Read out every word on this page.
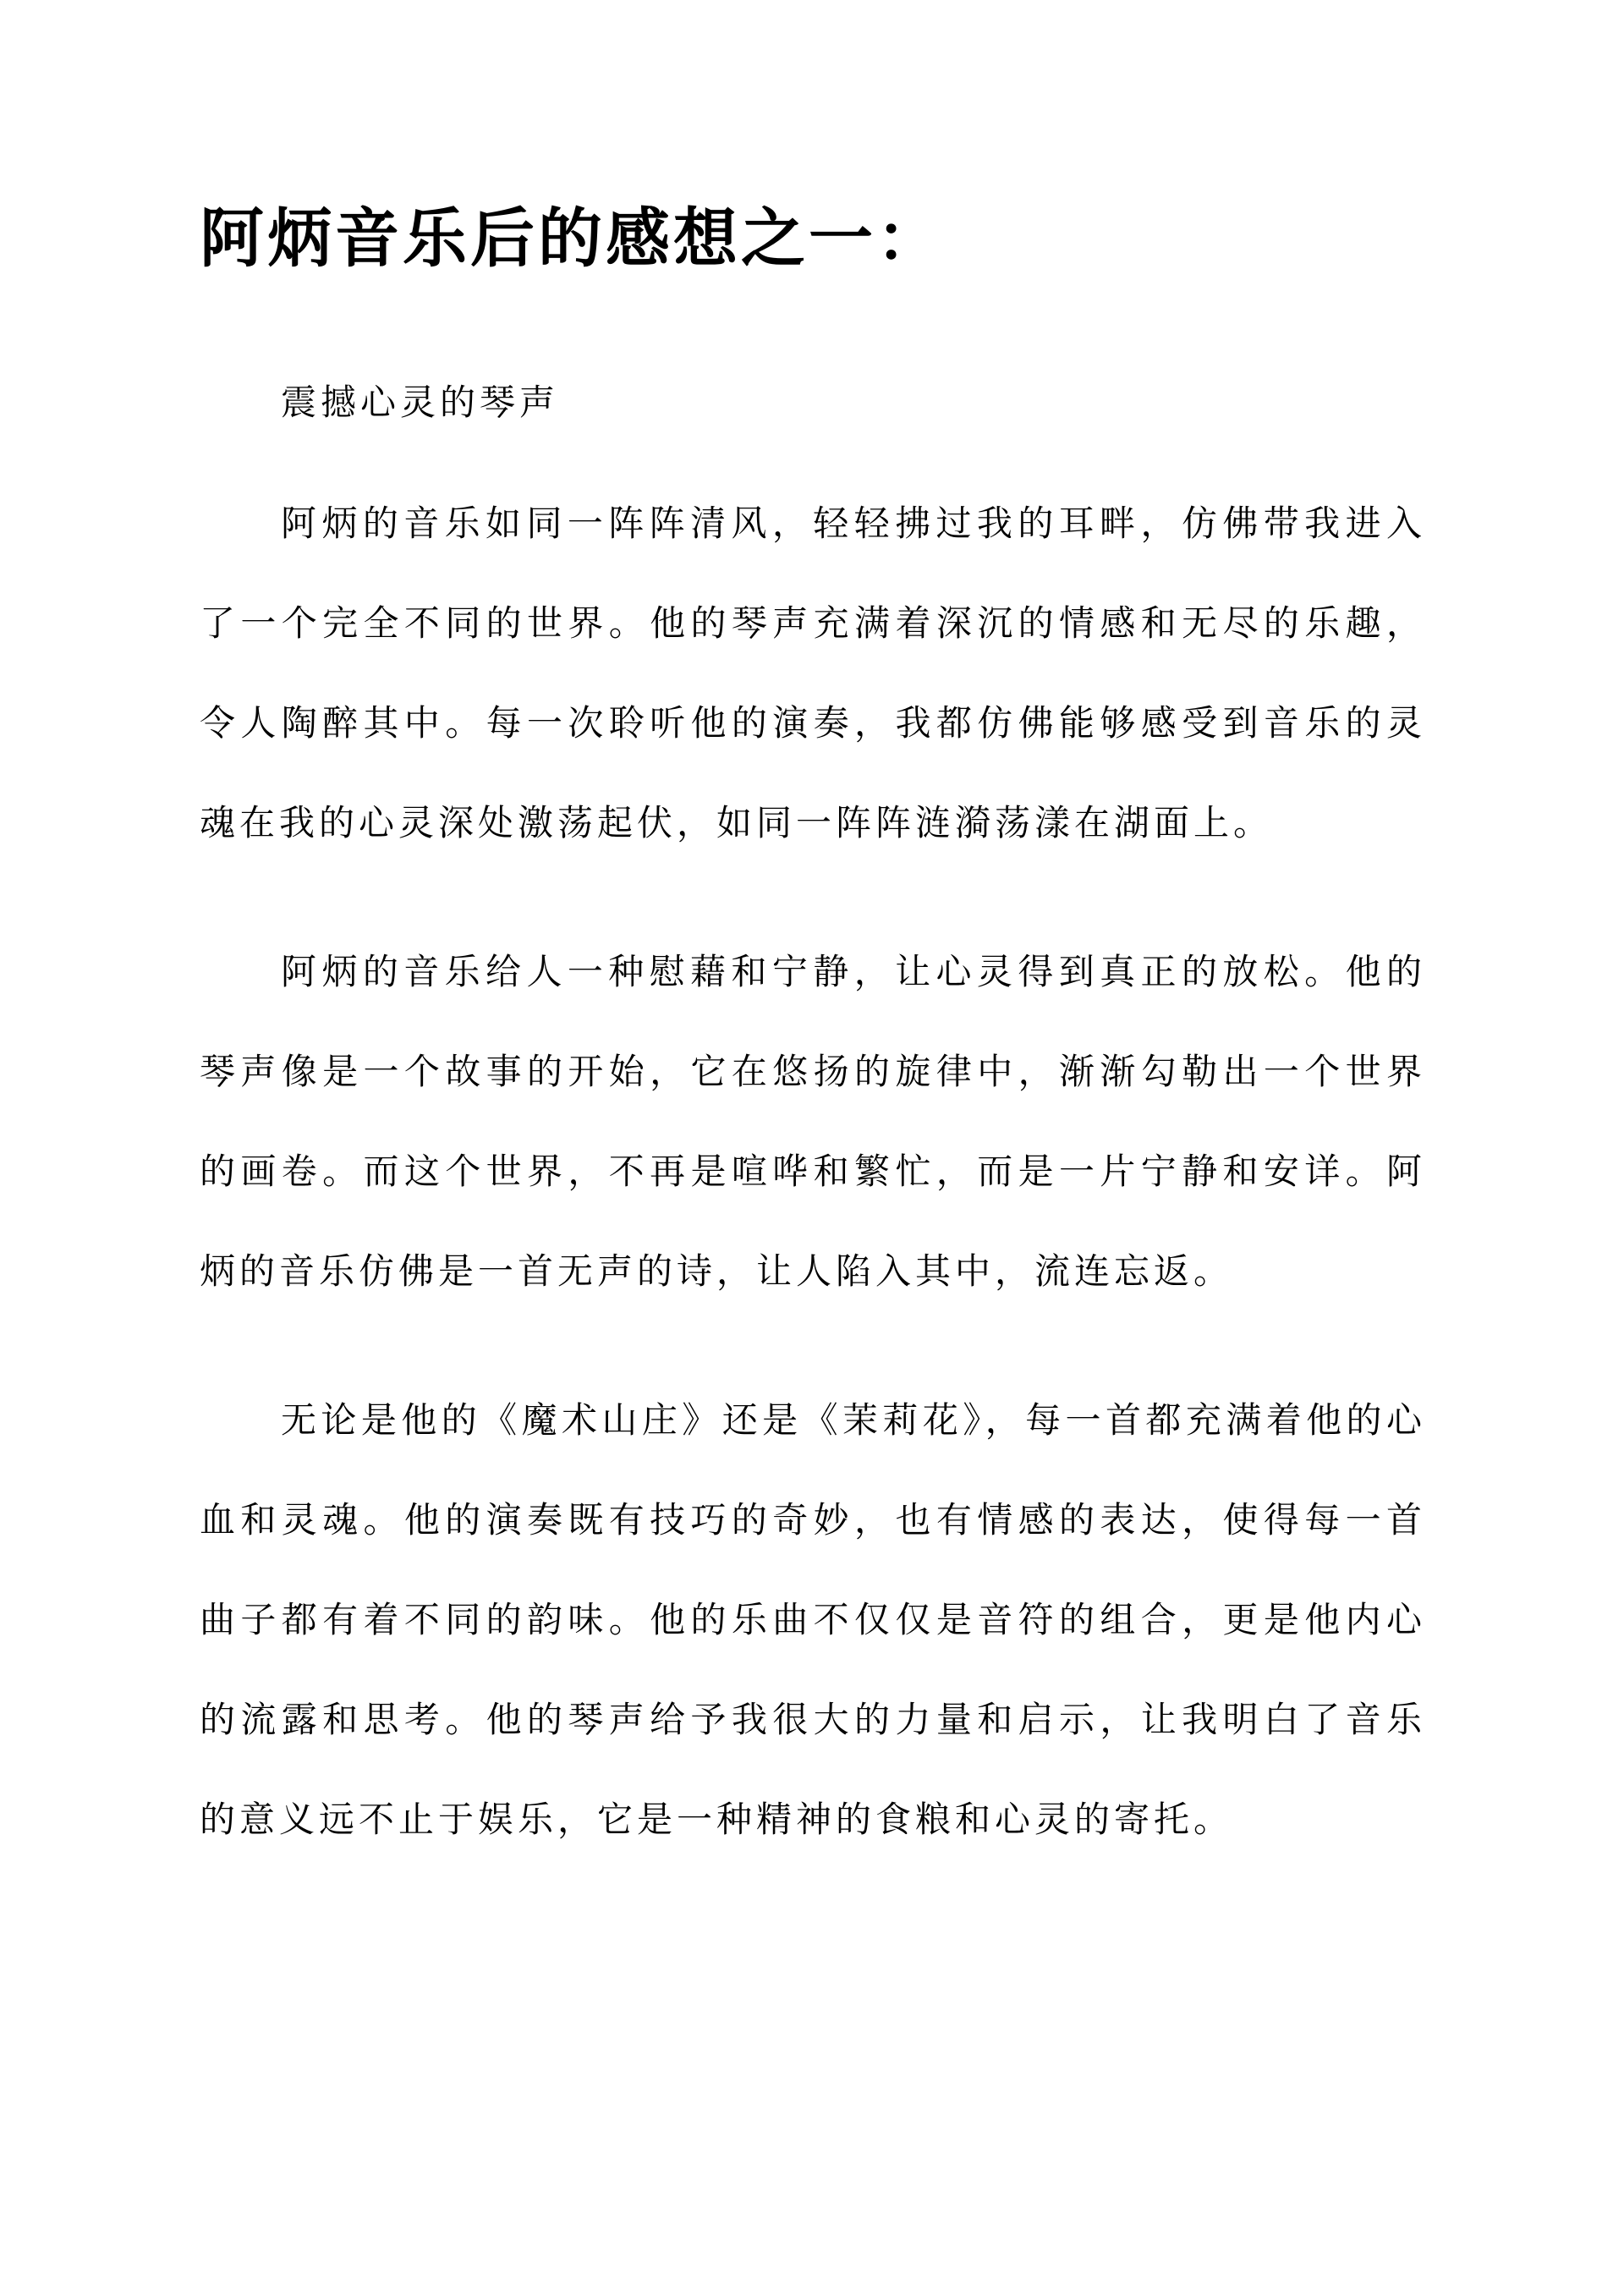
阿炳音乐后的感想之一：

震撼心灵的琴声

阿炳的音乐如同一阵阵清风，轻轻拂过我的耳畔，仿佛带我进入了一个完全不同的世界。他的琴声充满着深沉的情感和无尽的乐趣，令人陶醉其中。每一次聆听他的演奏，我都仿佛能够感受到音乐的灵魂在我的心灵深处激荡起伏，如同一阵阵涟漪荡漾在湖面上。

阿炳的音乐给人一种慰藉和宁静，让心灵得到真正的放松。他的琴声像是一个故事的开始，它在悠扬的旋律中，渐渐勾勒出一个世界的画卷。而这个世界，不再是喧哗和繁忙，而是一片宁静和安详。阿炳的音乐仿佛是一首无声的诗，让人陷入其中，流连忘返。

无论是他的《魔术山庄》还是《茉莉花》，每一首都充满着他的心血和灵魂。他的演奏既有技巧的奇妙，也有情感的表达，使得每一首曲子都有着不同的韵味。他的乐曲不仅仅是音符的组合，更是他内心的流露和思考。他的琴声给予我很大的力量和启示，让我明白了音乐的意义远不止于娱乐，它是一种精神的食粮和心灵的寄托。
